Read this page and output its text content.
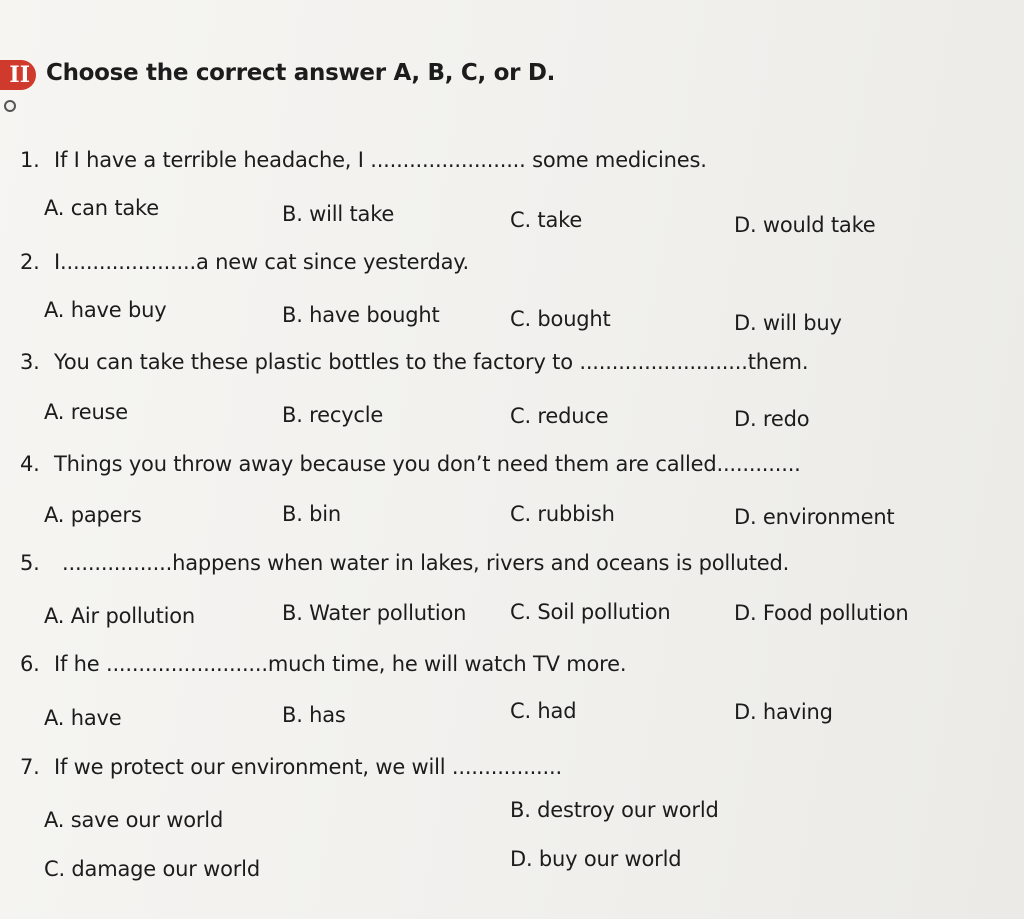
II Choose the correct answer A, B, C, or D.
1. If I have a terrible headache, I ........................ some medicines.
A. can take	B. will take	C. take	D. would take
2. I.....................a new cat since yesterday.
A. have buy	B. have bought	C. bought	D. will buy
3. You can take these plastic bottles to the factory to ..........................them.
A. reuse	B. recycle	C. reduce	D. redo
4. Things you throw away because you don’t need them are called.............
A. papers	B. bin	C. rubbish	D. environment
5.	.................happens when water in lakes, rivers and oceans is polluted.
A. Air pollution	B. Water pollution C. Soil pollution	D. Food pollution
6. If he .........................much time, he will watch TV more.
A. have	B. has	C. had	D. having
7. If we protect our environment, we will .................
A. save our world	B. destroy our world
C. damage our world	D. buy our world
